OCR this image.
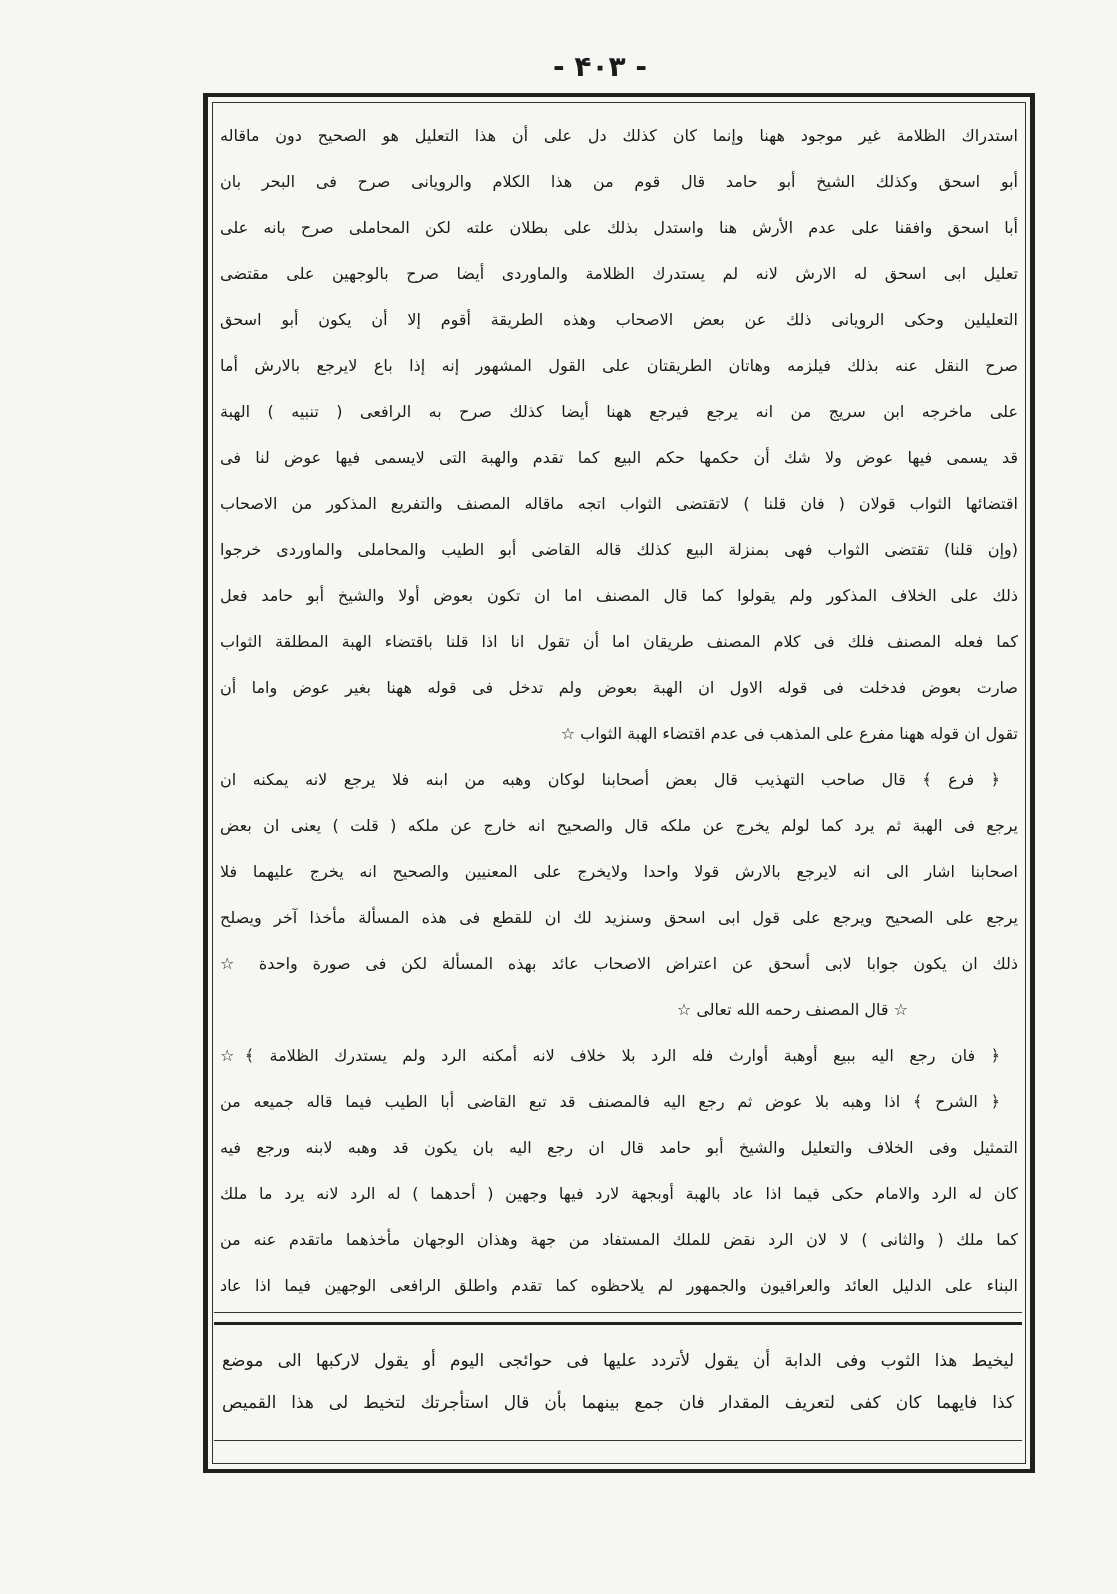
- ۴۰۳ -
استدراك الظلامة غير موجود ههنا وإنما كان كذلك دل على أن هذا التعليل هو الصحيح دون ماقاله
أبو اسحق وكذلك الشيخ أبو حامد قال قوم من هذا الكلام والرويانى صرح فى البحر بان
أبا اسحق وافقنا على عدم الأرش هنا واستدل بذلك على بطلان علته لكن المحاملى صرح بانه على
تعليل ابى اسحق له الارش لانه لم يستدرك الظلامة والماوردى أيضا صرح بالوجهين على مقتضى
التعليلين وحكى الرويانى ذلك عن بعض الاصحاب وهذه الطريقة أقوم إلا أن يكون أبو اسحق
صرح النقل عنه بذلك فيلزمه وهاتان الطريقتان على القول المشهور إنه إذا باع لايرجع بالارش أما
على ماخرجه ابن سريج من انه يرجع فيرجع ههنا أيضا كذلك صرح به الرافعى ( تنبيه ) الهبة
قد يسمى فيها عوض ولا شك أن حكمها حكم البيع كما تقدم والهبة التى لايسمى فيها عوض لنا فى
اقتضائها الثواب قولان ( فان قلنا ) لاتقتضى الثواب اتجه ماقاله المصنف والتفريع المذكور من الاصحاب
(وإن قلنا) تقتضى الثواب فهى بمنزلة البيع كذلك قاله القاضى أبو الطيب والمحاملى والماوردى خرجوا
ذلك على الخلاف المذكور ولم يقولوا كما قال المصنف اما ان تكون بعوض أولا والشيخ أبو حامد فعل
كما فعله المصنف فلك فى كلام المصنف طريقان اما أن تقول انا اذا قلنا باقتضاء الهبة المطلقة الثواب
صارت بعوض فدخلت فى قوله الاول ان الهبة بعوض ولم تدخل فى قوله ههنا بغير عوض واما أن
تقول ان قوله ههنا مفرع على المذهب فى عدم اقتضاء الهبة الثواب ☆
﴿ فرع ﴾ قال صاحب التهذيب قال بعض أصحابنا لوكان وهبه من ابنه فلا يرجع لانه يمكنه ان
يرجع فى الهبة ثم يرد كما لولم يخرج عن ملكه قال والصحيح انه خارج عن ملكه ( قلت ) يعنى ان بعض
اصحابنا اشار الى انه لايرجع بالارش قولا واحدا ولايخرج على المعنيين والصحيح انه يخرج عليهما فلا
يرجع على الصحيح ويرجع على قول ابى اسحق وسنزيد لك ان للقطع فى هذه المسألة مأخذا آخر ويصلح
ذلك ان يكون جوابا لابى أسحق عن اعتراض الاصحاب عائد بهذه المسألة لكن فى صورة واحدة ☆
☆ قال المصنف رحمه الله تعالى ☆
﴿ فان رجع اليه ببيع أوهبة أوارث فله الرد بلا خلاف لانه أمكنه الرد ولم يستدرك الظلامة ﴾☆
﴿ الشرح ﴾ اذا وهبه بلا عوض ثم رجع اليه فالمصنف قد تبع القاضى أبا الطيب فيما قاله جميعه من
التمثيل وفى الخلاف والتعليل والشيخ أبو حامد قال ان رجع اليه بان يكون قد وهبه لابنه ورجع فيه
كان له الرد والامام حكى فيما اذا عاد بالهبة أوبجهة لارد فيها وجهين ( أحدهما ) له الرد لانه يرد ما ملك
كما ملك ( والثانى ) لا لان الرد نقض للملك المستفاد من جهة وهذان الوجهان مأخذهما ماتقدم عنه من
البناء على الدليل العائد والعراقيون والجمهور لم يلاحظوه كما تقدم واطلق الرافعى الوجهين فيما اذا عاد
ليخيط هذا الثوب وفى الدابة أن يقول لأتردد عليها فى حوائجى اليوم أو يقول لاركبها الى موضع
كذا فايهما كان كفى لتعريف المقدار فان جمع بينهما بأن قال استأجرتك لتخيط لى هذا القميص
